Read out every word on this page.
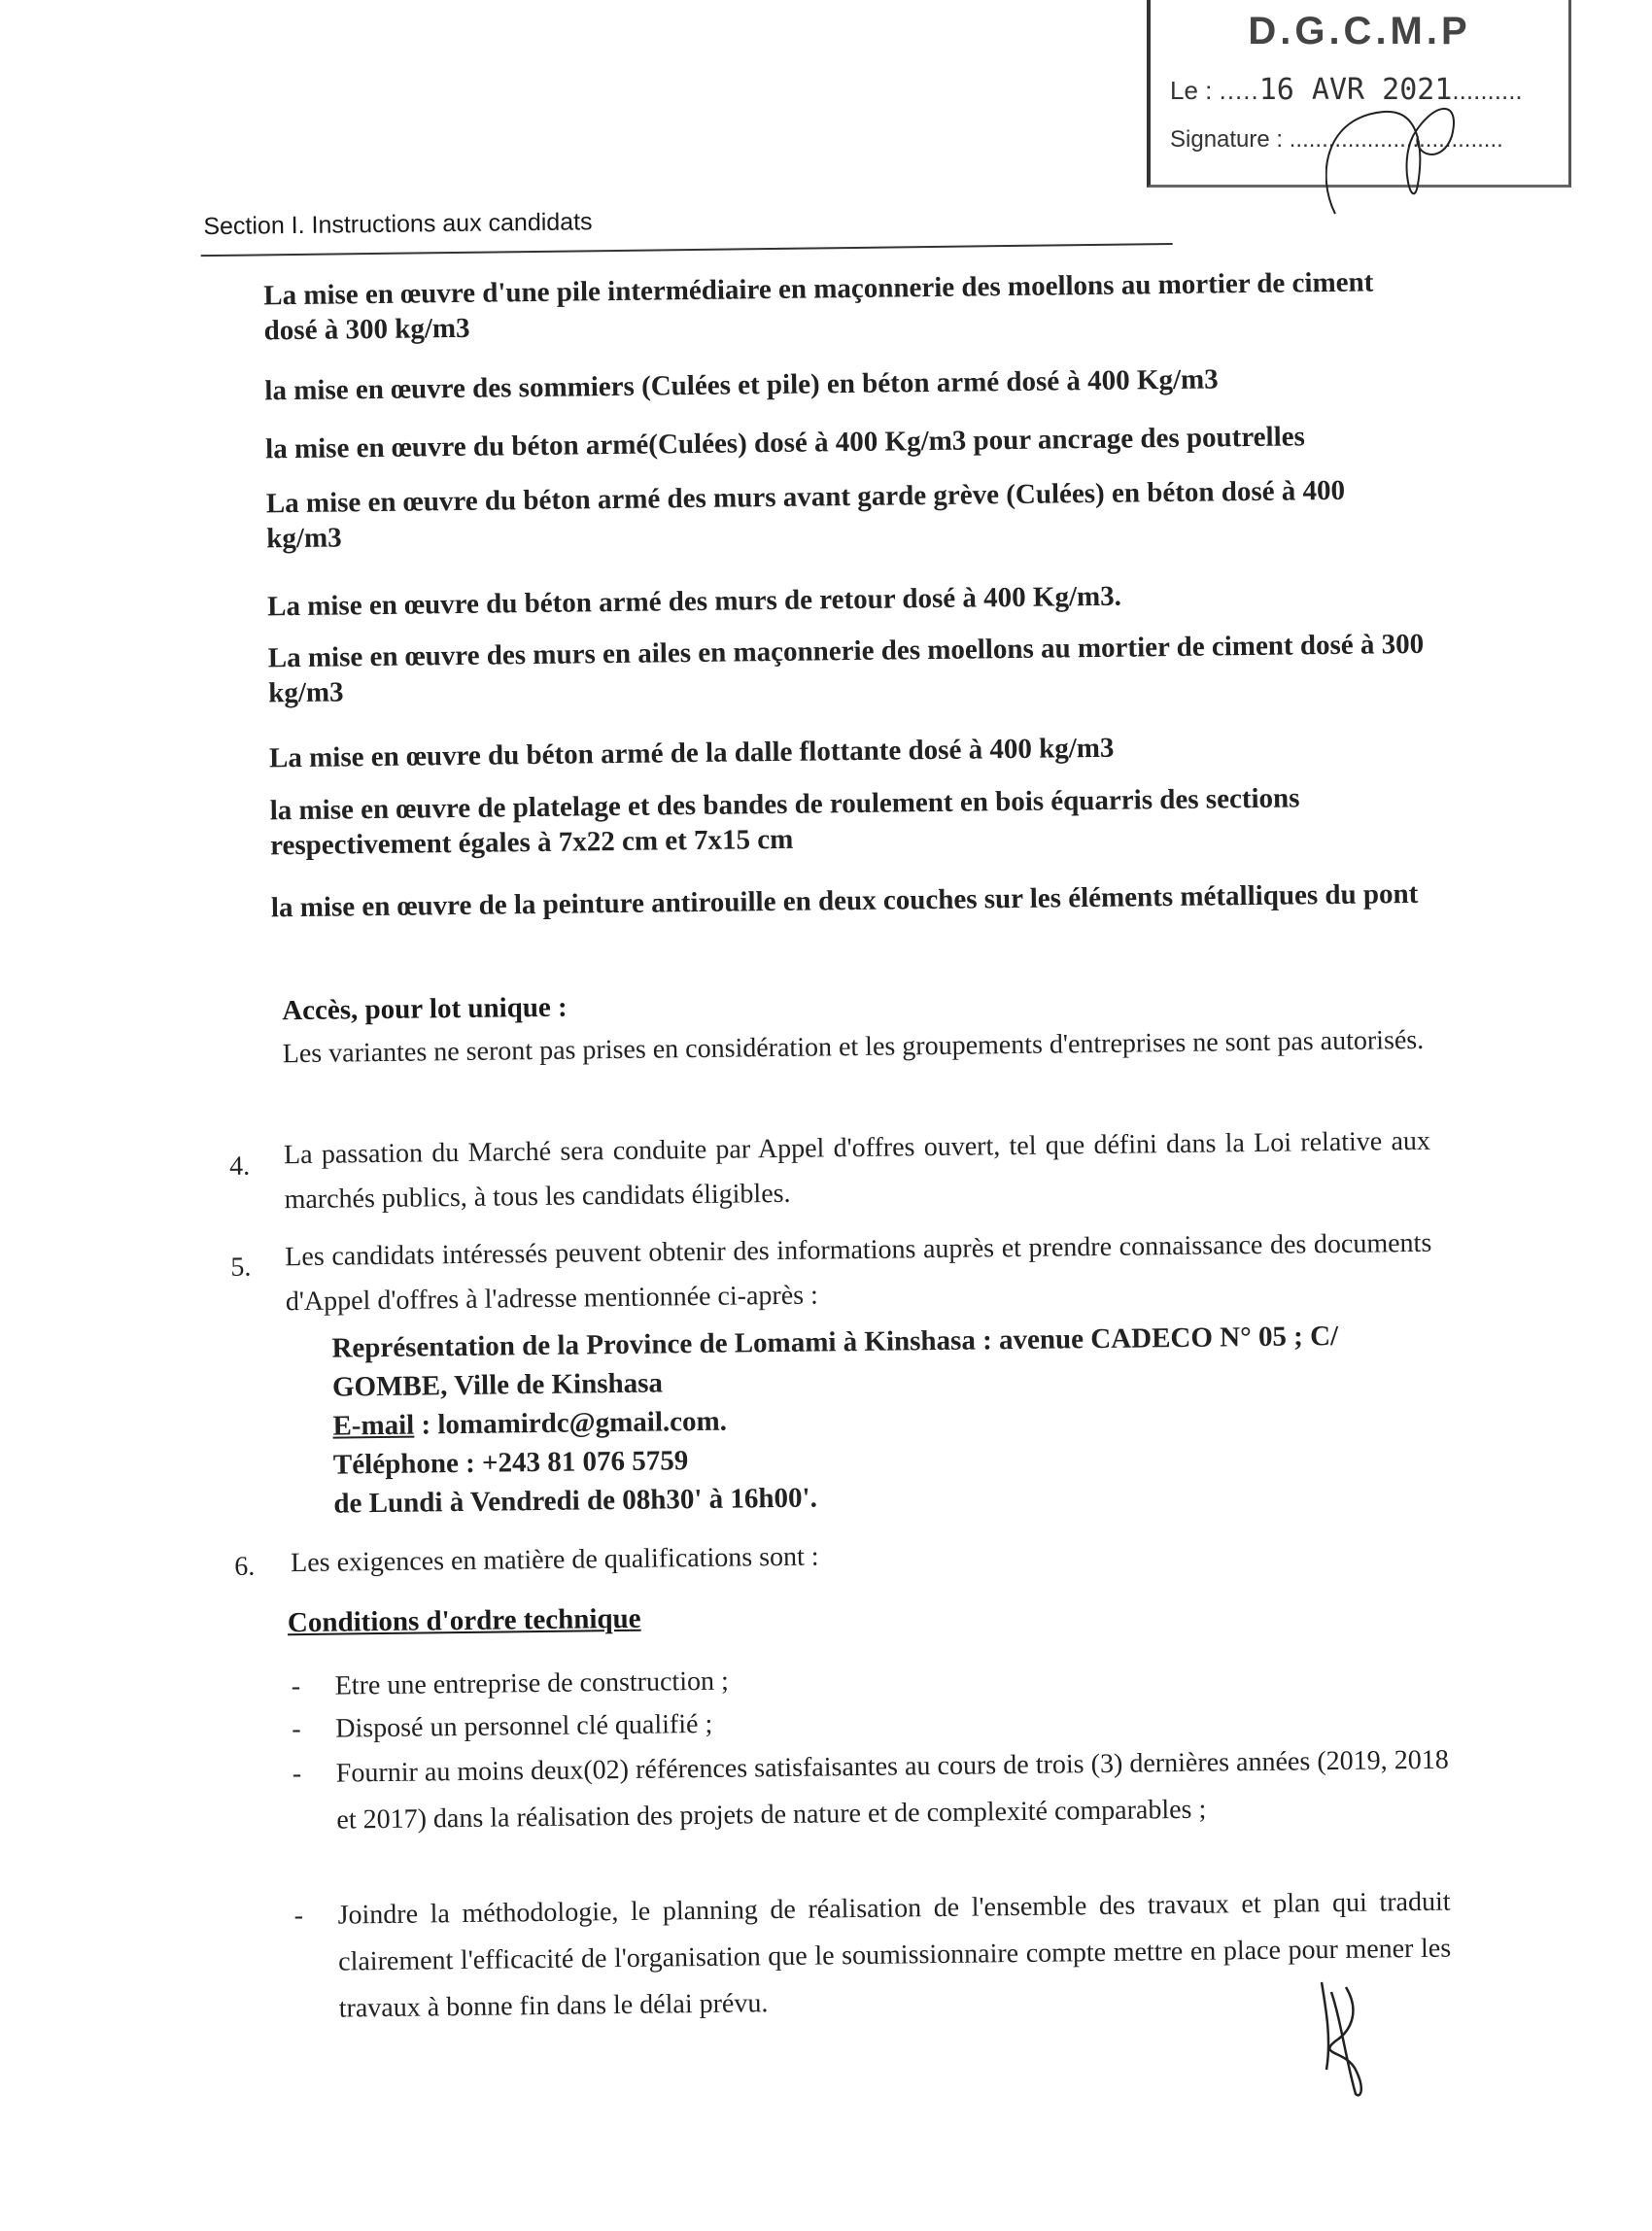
D.G.C.M.P
Le : .....16 AVR 2021..........
Signature : .................................
Section I. Instructions aux candidats
La mise en œuvre d'une pile intermédiaire en maçonnerie des moellons au mortier de ciment dosé à 300 kg/m3
la mise en œuvre des sommiers (Culées et pile) en béton armé dosé à 400 Kg/m3
la mise en œuvre du béton armé(Culées) dosé à 400 Kg/m3 pour ancrage des poutrelles
La mise en œuvre du béton armé des murs avant garde grève (Culées) en béton dosé à 400 kg/m3
La mise en œuvre du béton armé des murs de retour dosé à 400 Kg/m3.
La mise en œuvre des murs en ailes en maçonnerie des moellons au mortier de ciment dosé à 300 kg/m3
La mise en œuvre du béton armé de la dalle flottante dosé à 400 kg/m3
la mise en œuvre de platelage et des bandes de roulement en bois équarris des sections respectivement égales à 7x22 cm et 7x15 cm
la mise en œuvre de la peinture antirouille en deux couches sur les éléments métalliques du pont
Accès, pour lot unique :
Les variantes ne seront pas prises en considération et les groupements d'entreprises ne sont pas autorisés.
4. La passation du Marché sera conduite par Appel d'offres ouvert, tel que défini dans la Loi relative aux marchés publics, à tous les candidats éligibles.
5. Les candidats intéressés peuvent obtenir des informations auprès et prendre connaissance des documents d'Appel d'offres à l'adresse mentionnée ci-après :
Représentation de la Province de Lomami à Kinshasa : avenue CADECO N° 05 ; C/
GOMBE, Ville de Kinshasa
E-mail : lomamirdc@gmail.com.
Téléphone : +243 81 076 5759
de Lundi à Vendredi de 08h30' à 16h00'.
6. Les exigences en matière de qualifications sont :
Conditions d'ordre technique
- Etre une entreprise de construction ;
- Disposé un personnel clé qualifié ;
- Fournir au moins deux(02) références satisfaisantes au cours de trois (3) dernières années (2019, 2018 et 2017) dans la réalisation des projets de nature et de complexité comparables ;
- Joindre la méthodologie, le planning de réalisation de l'ensemble des travaux et plan qui traduit clairement l'efficacité de l'organisation que le soumissionnaire compte mettre en place pour mener les travaux à bonne fin dans le délai prévu.
